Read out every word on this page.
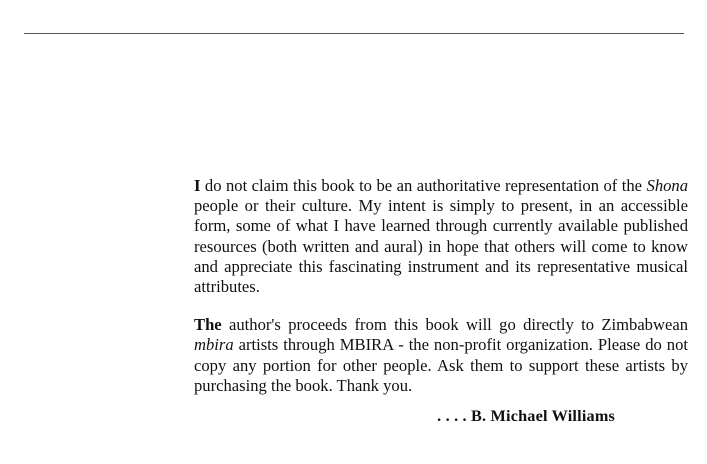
I do not claim this book to be an authoritative representation of the Shona people or their culture. My intent is simply to present, in an accessible form, some of what I have learned through currently available published resources (both written and aural) in hope that others will come to know and appreciate this fascinating instrument and its representative musical attributes.

The author's proceeds from this book will go directly to Zimbabwean mbira artists through MBIRA - the non-profit organization. Please do not copy any portion for other people. Ask them to support these artists by purchasing the book. Thank you.

. . . . B. Michael Williams
